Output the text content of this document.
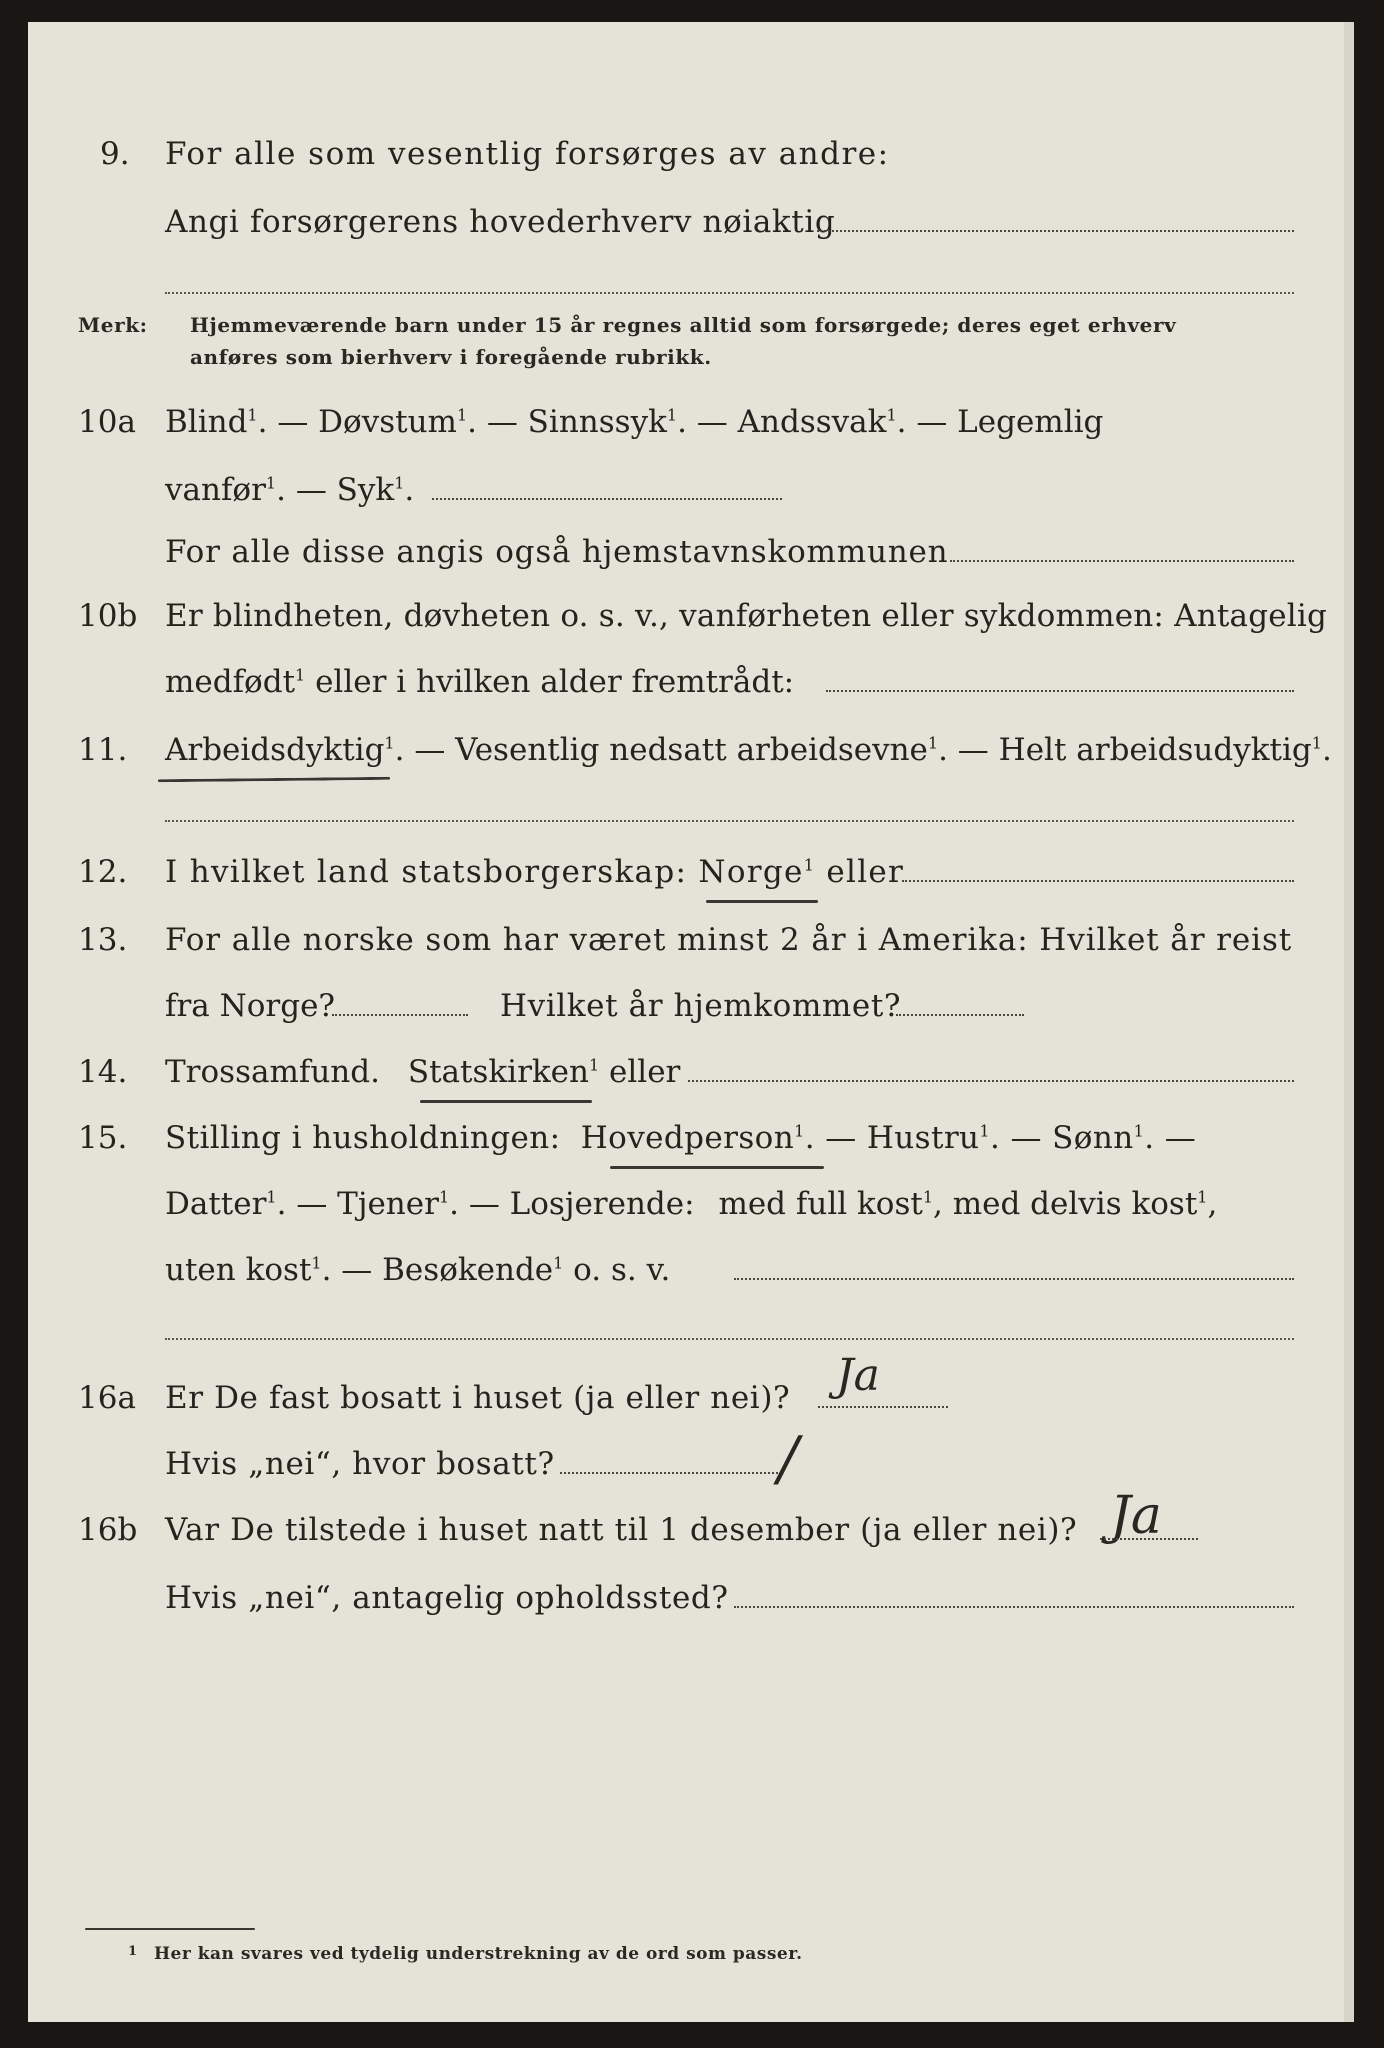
9. For alle som vesentlig forsørges av andre:
Angi forsørgerens hovederhverv nøiaktig
Merk: Hjemmeværende barn under 15 år regnes alltid som forsørgede; deres eget erhverv
anføres som bierhverv i foregående rubrikk.
10a Blind$^1$. — Døvstum$^1$. — Sinnssyk$^1$. — Andssvak$^1$. — Legemlig
vanfør$^1$. — Syk$^1$.
For alle disse angis også hjemstavnskommunen
10b Er blindheten, døvheten o. s. v., vanførheten eller sykdommen: Antagelig
medfødt$^1$ eller i hvilken alder fremtrådt:
11. Arbeidsdyktig$^1$. — Vesentlig nedsatt arbeidsevne$^1$. — Helt arbeidsudyktig$^1$.
12. I hvilket land statsborgerskap: Norge$^1$ eller
13. For alle norske som har været minst 2 år i Amerika: Hvilket år reist
fra Norge?	Hvilket år hjemkommet?
14. Trossamfund. Statskirken$^1$ eller
15. Stilling i husholdningen: Hovedperson$^1$. — Hustru$^1$. — Sønn$^1$. —
Datter$^1$. — Tjener$^1$. — Losjerende: med full kost$^1$, med delvis kost$^1$,
uten kost$^1$. — Besøkende$^1$ o. s. v.
16a Er De fast bosatt i huset (ja eller nei)? Ja
Hvis „nei“, hvor bosatt?	/
16b Var De tilstede i huset natt til 1 desember (ja eller nei)? Ja
Hvis „nei“, antagelig opholdssted?
1 Her kan svares ved tydelig understrekning av de ord som passer.
